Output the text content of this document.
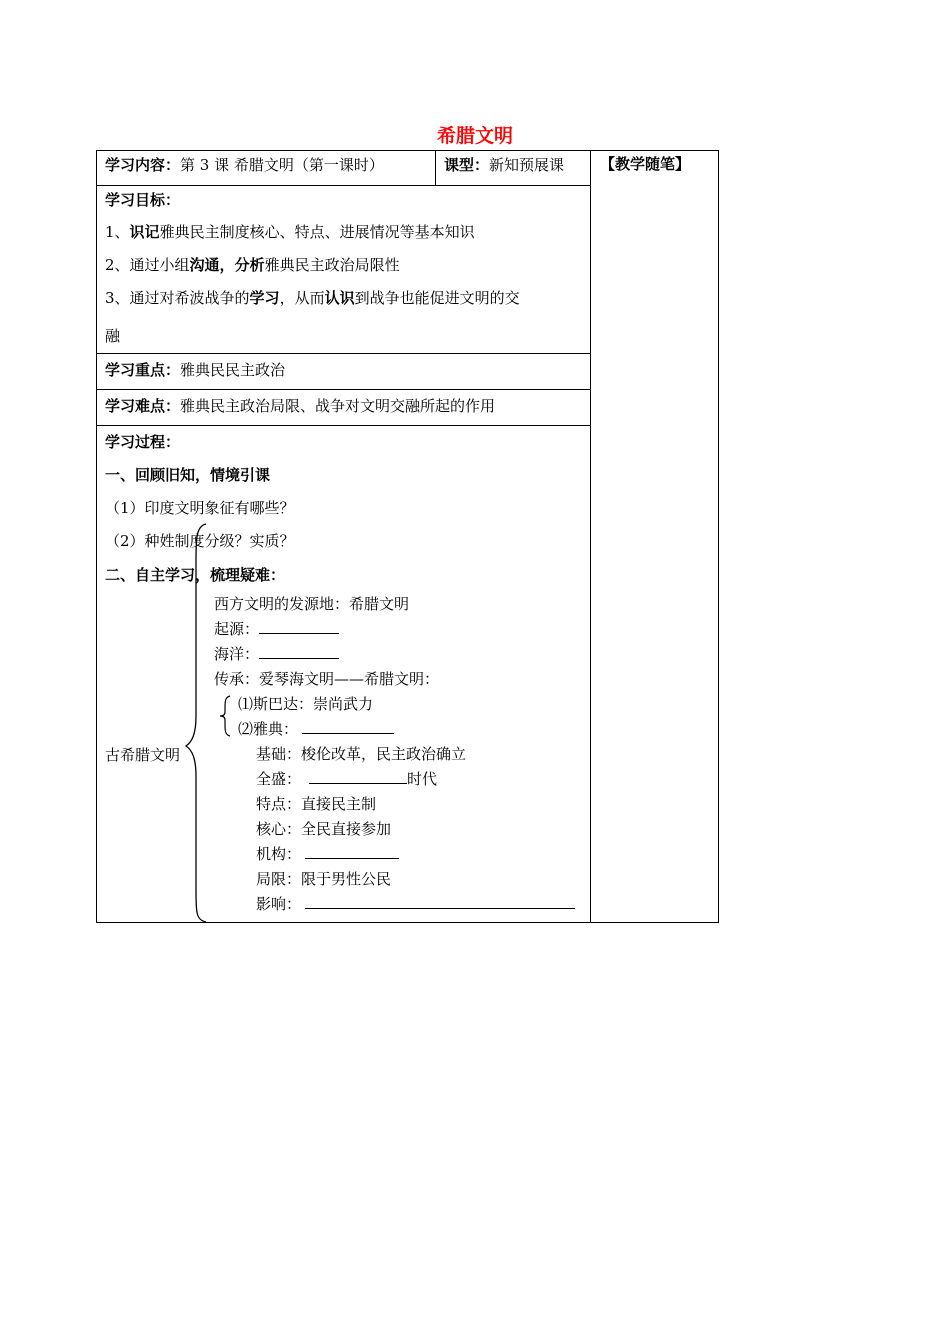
希腊文明
学习内容：第 3 课 希腊文明（第一课时）	课型：新知预展课 【教学随笔】
学习目标：
1、识记雅典民主制度核心、特点、进展情况等基本知识
2、通过小组沟通，分析雅典民主政治局限性
3、通过对希波战争的学习，从而认识到战争也能促进文明的交
融
学习重点：雅典民民主政治
学习难点：雅典民主政治局限、战争对文明交融所起的作用
学习过程：
一、回顾旧知，情境引课
（1）印度文明象征有哪些？
（2）种姓制度分级？实质？
二、自主学习，梳理疑难：
古希腊文明
西方文明的发源地：希腊文明
起源：
海洋：
传承：爱琴海文明——希腊文明：
⑴斯巴达：崇尚武力
⑵雅典：
基础：梭伦改革，民主政治确立
全盛：	时代
特点：直接民主制
核心：全民直接参加
机构：
局限：限于男性公民
影响：
